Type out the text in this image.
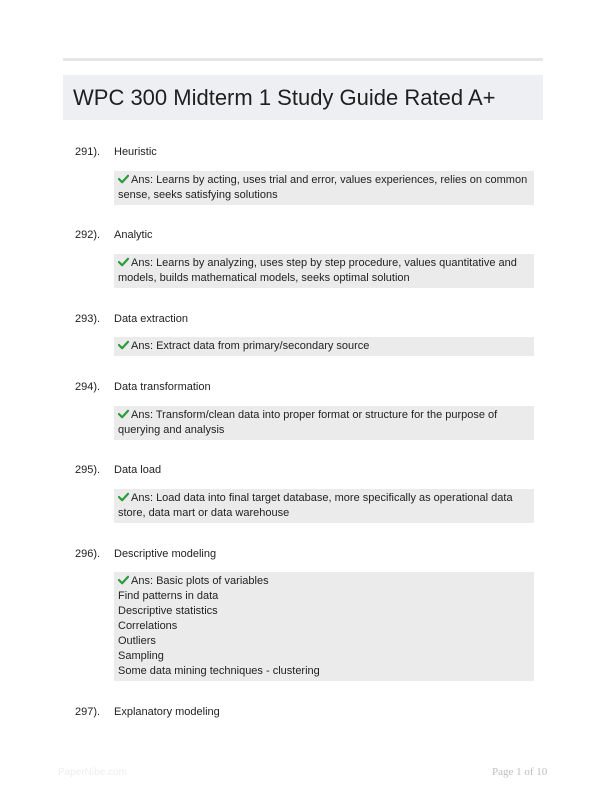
WPC 300 Midterm 1 Study Guide Rated A+
291). Heuristic
Ans: Learns by acting, uses trial and error, values experiences, relies on common sense, seeks satisfying solutions
292). Analytic
Ans: Learns by analyzing, uses step by step procedure, values quantitative and models, builds mathematical models, seeks optimal solution
293). Data extraction
Ans: Extract data from primary/secondary source
294). Data transformation
Ans: Transform/clean data into proper format or structure for the purpose of querying and analysis
295). Data load
Ans: Load data into final target database, more specifically as operational data store, data mart or data warehouse
296). Descriptive modeling
Ans: Basic plots of variables
Find patterns in data
Descriptive statistics
Correlations
Outliers
Sampling
Some data mining techniques - clustering
297). Explanatory modeling
PaperNibe.com	Page 1 of 10
